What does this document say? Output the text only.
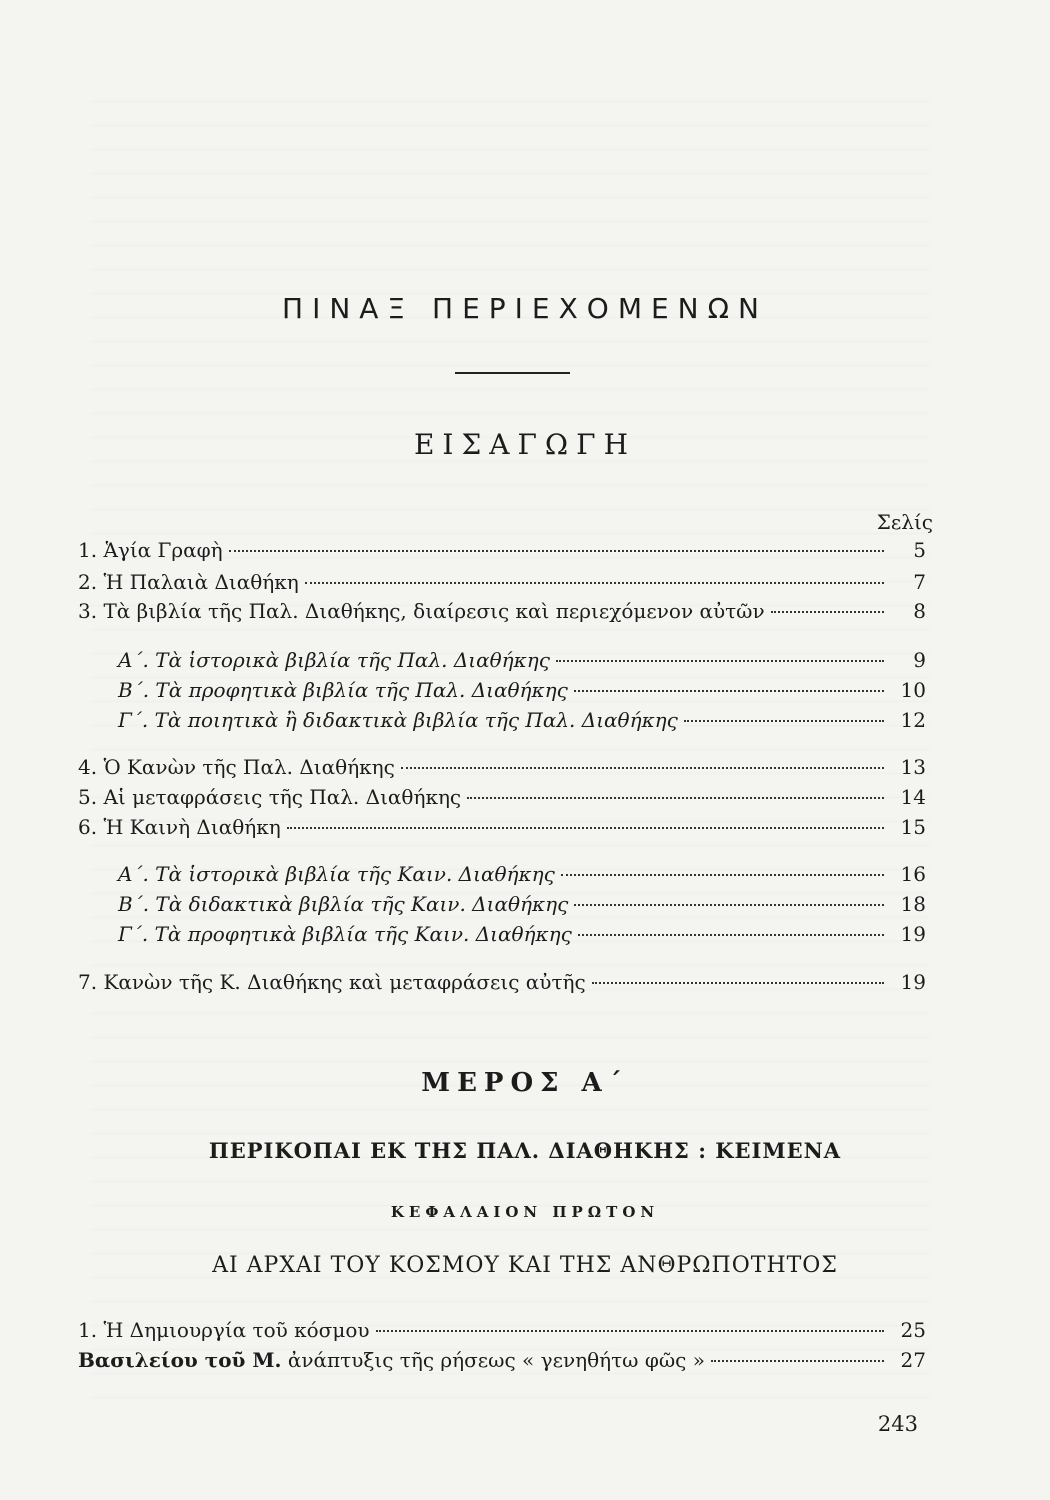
ΠΙΝΑΞ ΠΕΡΙΕΧΟΜΕΝΩΝ
ΕΙΣΑΓΩΓΗ
Σελίς
1. Ἁγία Γραφὴ	5
2. Ἡ Παλαιὰ Διαθήκη	7
3. Τὰ βιβλία τῆς Παλ. Διαθήκης, διαίρεσις καὶ περιεχόμενον αὐτῶν	8
Α΄. Τὰ ἱστορικὰ βιβλία τῆς Παλ. Διαθήκης	9
Β΄. Τὰ προφητικὰ βιβλία τῆς Παλ. Διαθήκης	10
Γ΄. Τὰ ποιητικὰ ἢ διδακτικὰ βιβλία τῆς Παλ. Διαθήκης	12
4. Ὁ Κανὼν τῆς Παλ. Διαθήκης	13
5. Αἱ μεταφράσεις τῆς Παλ. Διαθήκης	14
6. Ἡ Καινὴ Διαθήκη	15
Α΄. Τὰ ἱστορικὰ βιβλία τῆς Καιν. Διαθήκης	16
Β΄. Τὰ διδακτικὰ βιβλία τῆς Καιν. Διαθήκης	18
Γ΄. Τὰ προφητικὰ βιβλία τῆς Καιν. Διαθήκης	19
7. Κανὼν τῆς Κ. Διαθήκης καὶ μεταφράσεις αὐτῆς	19
ΜΕΡΟΣ Α΄
ΠΕΡΙΚΟΠΑΙ ΕΚ ΤΗΣ ΠΑΛ. ΔΙΑΘΗΚΗΣ : ΚΕΙΜΕΝΑ
ΚΕΦΑΛΑΙΟΝ ΠΡΩΤΟΝ
ΑΙ ΑΡΧΑΙ ΤΟΥ ΚΟΣΜΟΥ ΚΑΙ ΤΗΣ ΑΝΘΡΩΠΟΤΗΤΟΣ
1. Ἡ Δημιουργία τοῦ κόσμου	25
Βασιλείου τοῦ Μ. ἀνάπτυξις τῆς ρήσεως « γενηθήτω φῶς »	27
243
